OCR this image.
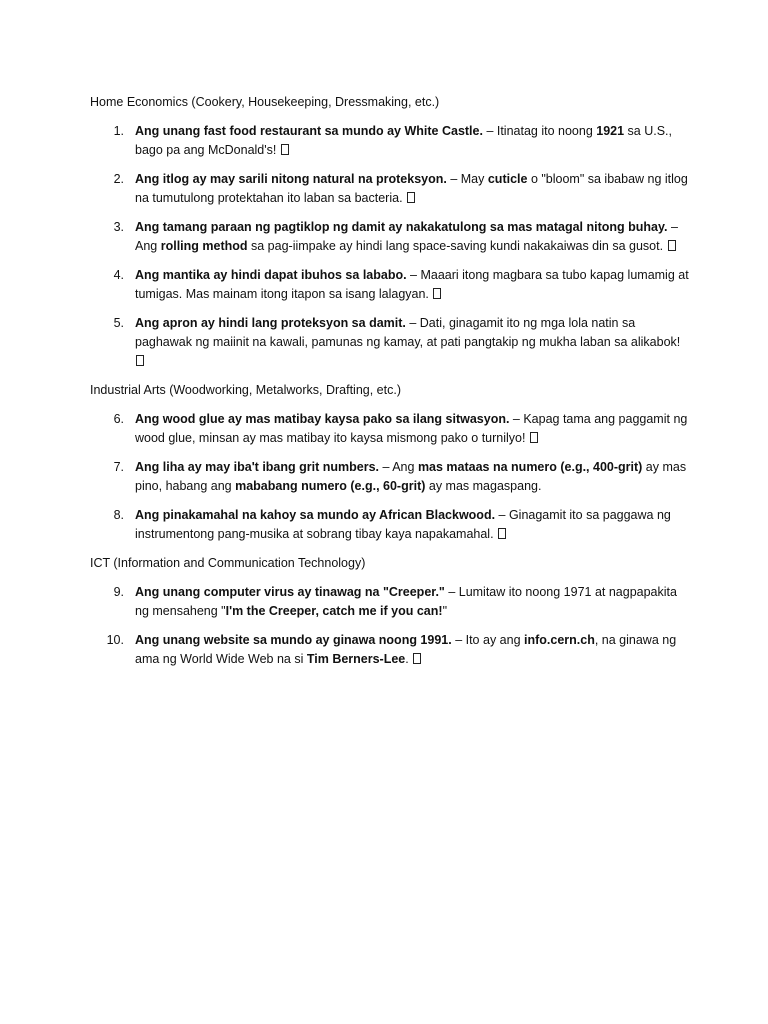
Home Economics (Cookery, Housekeeping, Dressmaking, etc.)
1. Ang unang fast food restaurant sa mundo ay White Castle. – Itinatag ito noong 1921 sa U.S., bago pa ang McDonald's!
2. Ang itlog ay may sarili nitong natural na proteksyon. – May cuticle o "bloom" sa ibabaw ng itlog na tumutulong protektahan ito laban sa bacteria.
3. Ang tamang paraan ng pagtiklop ng damit ay nakakatulong sa mas matagal nitong buhay. – Ang rolling method sa pag-iimpake ay hindi lang space-saving kundi nakakaiwas din sa gusot.
4. Ang mantika ay hindi dapat ibuhos sa lababo. – Maaari itong magbara sa tubo kapag lumamig at tumigas. Mas mainam itong itapon sa isang lalagyan.
5. Ang apron ay hindi lang proteksyon sa damit. – Dati, ginagamit ito ng mga lola natin sa paghawak ng maiinit na kawali, pamunas ng kamay, at pati pangtakip ng mukha laban sa alikabok!
Industrial Arts (Woodworking, Metalworks, Drafting, etc.)
6. Ang wood glue ay mas matibay kaysa pako sa ilang sitwasyon. – Kapag tama ang paggamit ng wood glue, minsan ay mas matibay ito kaysa mismong pako o turnilyo!
7. Ang liha ay may iba't ibang grit numbers. – Ang mas mataas na numero (e.g., 400-grit) ay mas pino, habang ang mababang numero (e.g., 60-grit) ay mas magaspang.
8. Ang pinakamahal na kahoy sa mundo ay African Blackwood. – Ginagamit ito sa paggawa ng instrumentong pang-musika at sobrang tibay kaya napakamahal.
ICT (Information and Communication Technology)
9. Ang unang computer virus ay tinawag na "Creeper." – Lumitaw ito noong 1971 at nagpapakita ng mensaheng "I'm the Creeper, catch me if you can!"
10. Ang unang website sa mundo ay ginawa noong 1991. – Ito ay ang info.cern.ch, na ginawa ng ama ng World Wide Web na si Tim Berners-Lee.
